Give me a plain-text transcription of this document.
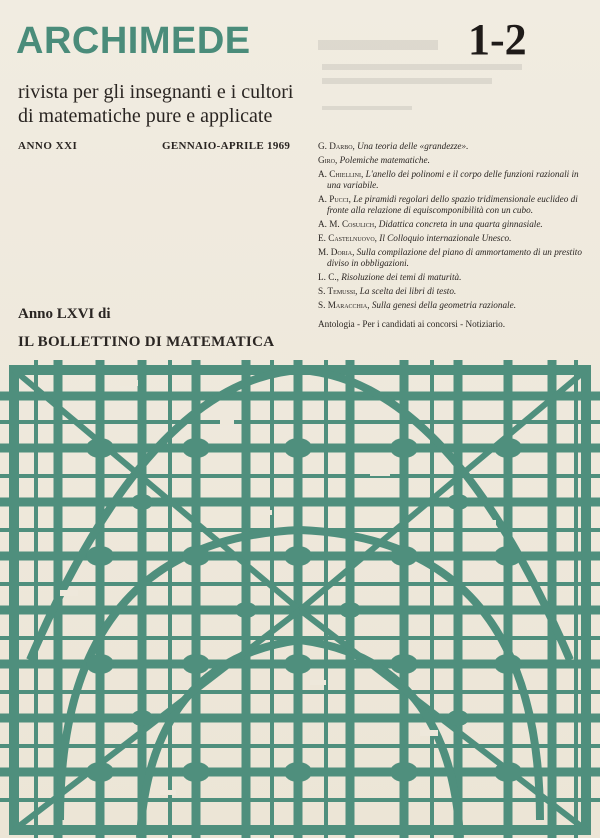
ARCHIMEDE	1-2
rivista per gli insegnanti e i cultori
di matematiche pure e applicate
ANNO XXI	GENNAIO-APRILE 1969	G. Darbo, Una teoria delle «grandezze».
Giro, Polemiche matematiche.
A. Chiellini, L'anello dei polinomi e il corpo delle funzioni razionali in una variabile.
A. Pucci, Le piramidi regolari dello spazio tridimensionale euclideo di fronte alla relazione di equiscomponibilità con un cubo.
A. M. Cosulich, Didattica concreta in una quarta ginnasiale.
E. Castelnuovo, Il Colloquio internazionale Unesco.
M. Doria, Sulla compilazione del piano di ammortamento di un prestito diviso in obbligazioni.
L. C., Risoluzione dei temi di maturità.
S. Temussi, La scelta dei libri di testo.
S. Maracchia, Sulla genesi della geometria razionale.
Antologia - Per i candidati ai concorsi - Notiziario.
Anno LXVI di
IL BOLLETTINO DI MATEMATICA
